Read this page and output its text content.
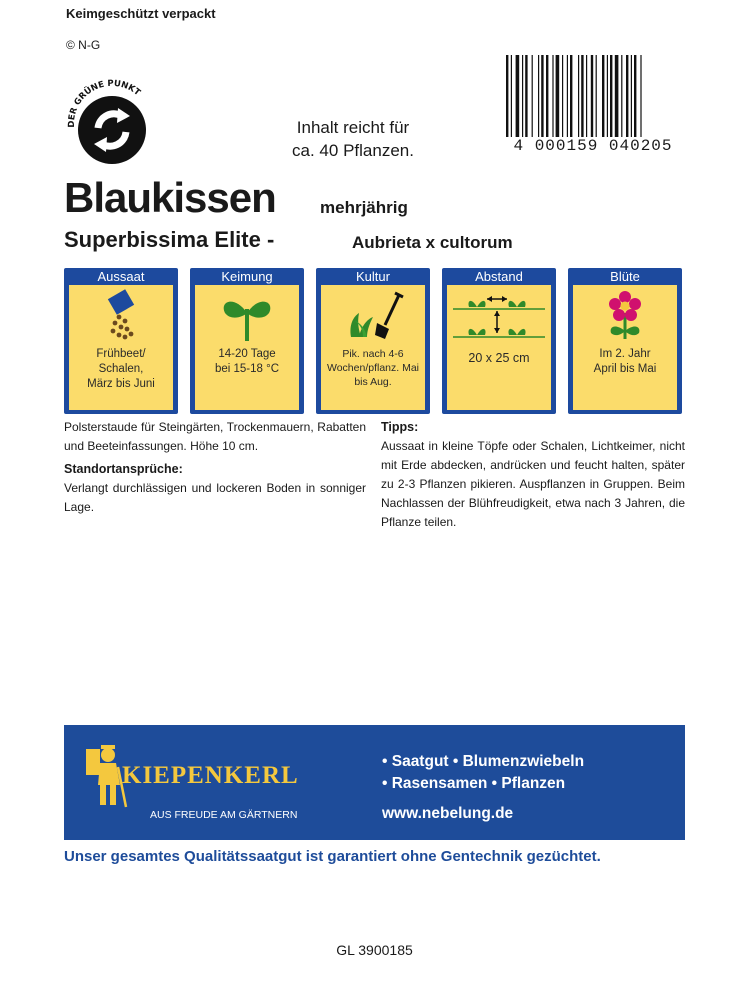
Keimgeschützt verpackt
© N-G
DER GRÜNE PUNKT
Inhalt reicht für
ca. 40 Pflanzen.	4 000159 040205
Blaukissen	mehrjährig
Superbissima Elite -	Aubrieta x cultorum
Aussaat
Frühbeet/
Schalen,
März bis Juni
Keimung
14-20 Tage
bei 15-18 °C
Kultur
Pik. nach 4-6
Wochen/pflanz. Mai
bis Aug.
Abstand
20 x 25 cm
Blüte
Im 2. Jahr
April bis Mai
Polsterstaude für Steingärten, Trockenmauern, Rabatten und Beeteinfassungen. Höhe 10 cm.
Standortansprüche:
Verlangt durchlässigen und lockeren Boden in sonniger Lage.
Tipps:
Aussaat in kleine Töpfe oder Schalen, Lichtkeimer, nicht mit Erde abdecken, andrücken und feucht halten, später zu 2-3 Pflanzen pikieren. Auspflanzen in Gruppen. Beim Nachlassen der Blühfreudigkeit, etwa nach 3 Jahren, die Pflanze teilen.
KIEPENKERL
AUS FREUDE AM GÄRTNERN
• Saatgut • Blumenzwiebeln
• Rasensamen • Pflanzen
www.nebelung.de
Unser gesamtes Qualitätssaatgut ist garantiert ohne Gentechnik gezüchtet.
GL 3900185
